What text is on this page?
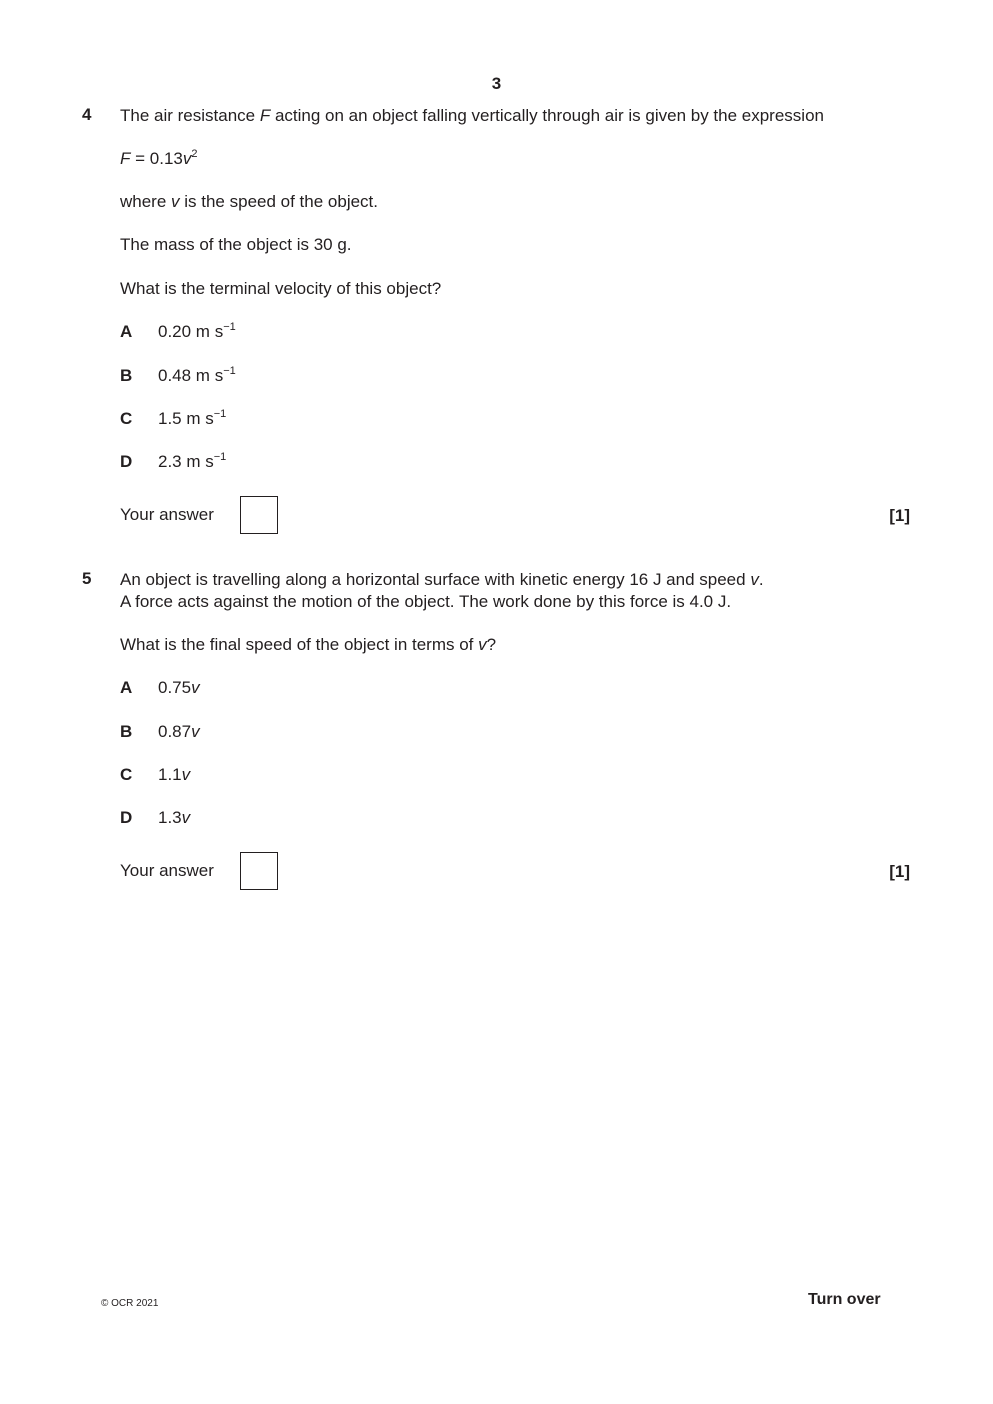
3
4 The air resistance F acting on an object falling vertically through air is given by the expression
$F = 0.13v^2$
where v is the speed of the object.
The mass of the object is 30 g.
What is the terminal velocity of this object?
A 0.20 m $s^{-1}$
B 0.48 m $s^{-1}$
C 1.5 m $s^{-1}$
D 2.3 m $s^{-1}$
Your answer	[1]
5 An object is travelling along a horizontal surface with kinetic energy 16 J and speed v.
A force acts against the motion of the object. The work done by this force is 4.0 J.
What is the final speed of the object in terms of v?
A 0.75v
B 0.87v
C 1.1v
D 1.3v
Your answer	[1]
© OCR 2021	Turn over
